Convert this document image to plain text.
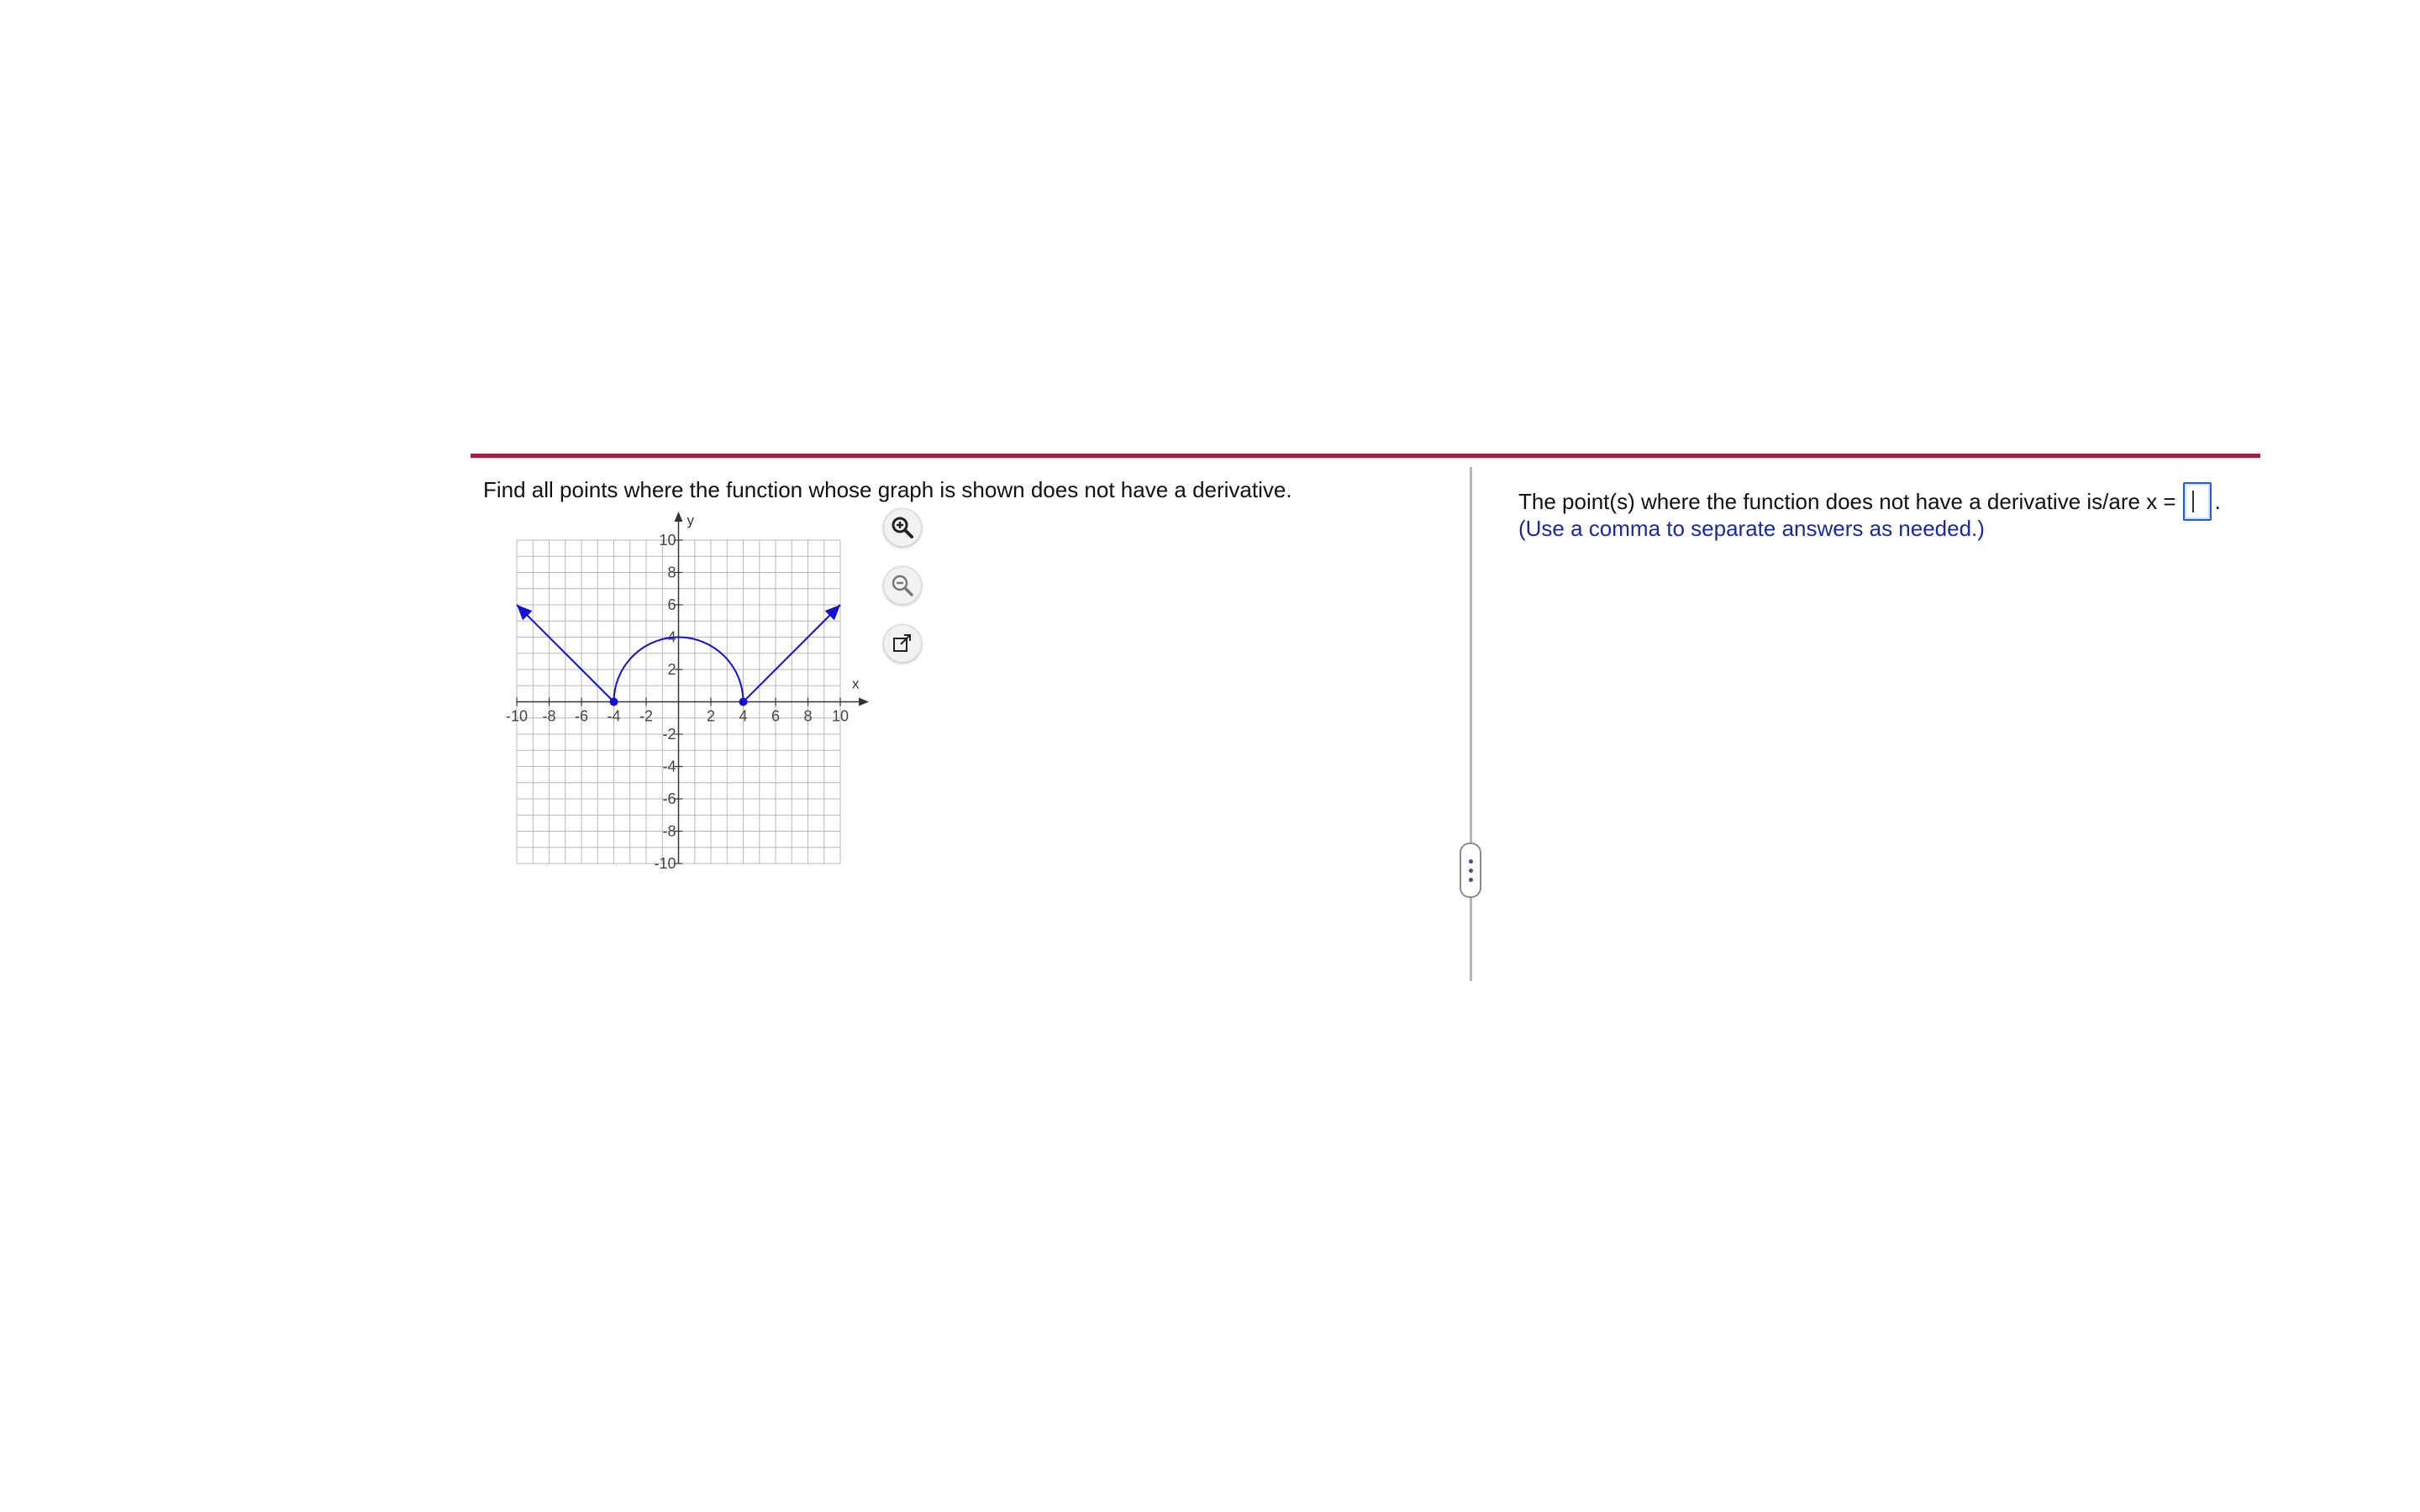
Find all points where the function whose graph is shown does not have a derivative.
x
y
-10 -8 -6 -4 -2	2 4 6 8 10
10
8
6
4
2
-2
-4
-6
-8
-10
The point(s) where the function does not have a derivative is/are x = .
(Use a comma to separate answers as needed.)
